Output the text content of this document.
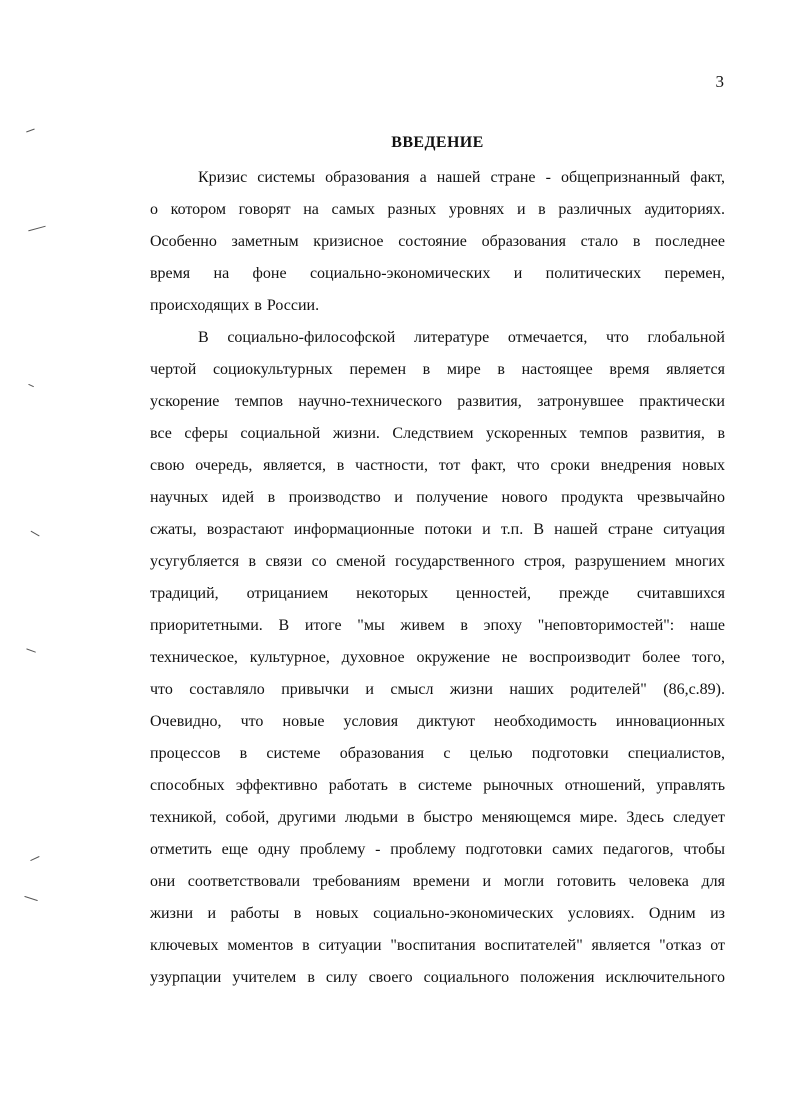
3
ВВЕДЕНИЕ
Кризис системы образования а нашей стране - общепризнанный факт,
о котором говорят на самых разных уровнях и в различных аудиториях.
Особенно заметным кризисное состояние образования стало в последнее
время на фоне социально-экономических и политических перемен,
происходящих в России.
В социально-философской литературе отмечается, что глобальной
чертой социокультурных перемен в мире в настоящее время является
ускорение темпов научно-технического развития, затронувшее практически
все сферы социальной жизни. Следствием ускоренных темпов развития, в
свою очередь, является, в частности, тот факт, что сроки внедрения новых
научных идей в производство и получение нового продукта чрезвычайно
сжаты, возрастают информационные потоки и т.п. В нашей стране ситуация
усугубляется в связи со сменой государственного строя, разрушением многих
традиций, отрицанием некоторых ценностей, прежде считавшихся
приоритетными. В итоге "мы живем в эпоху "неповторимостей": наше
техническое, культурное, духовное окружение не воспроизводит более того,
что составляло привычки и смысл жизни наших родителей" (86,с.89).
Очевидно, что новые условия диктуют необходимость инновационных
процессов в системе образования с целью подготовки специалистов,
способных эффективно работать в системе рыночных отношений, управлять
техникой, собой, другими людьми в быстро меняющемся мире. Здесь следует
отметить еще одну проблему - проблему подготовки самих педагогов, чтобы
они соответствовали требованиям времени и могли готовить человека для
жизни и работы в новых социально-экономических условиях. Одним из
ключевых моментов в ситуации "воспитания воспитателей" является "отказ от
узурпации учителем в силу своего социального положения исключительного
